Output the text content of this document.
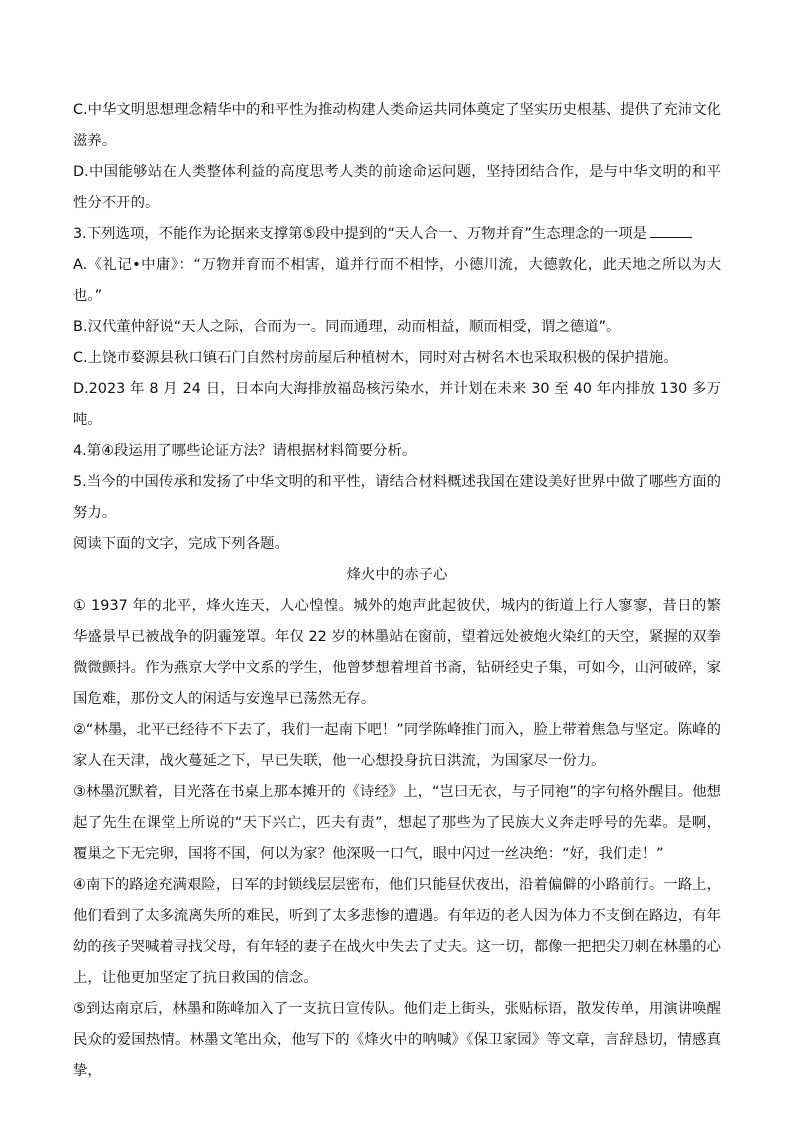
C.中华文明思想理念精华中的和平性为推动构建人类命运共同体奠定了坚实历史根基、提供了充沛文化滋养。

D.中国能够站在人类整体利益的高度思考人类的前途命运问题，坚持团结合作，是与中华文明的和平性分不开的。

3.下列选项，不能作为论据来支撑第⑤段中提到的“天人合一、万物并育”生态理念的一项是

A.《礼记•中庸》：“万物并育而不相害，道并行而不相悖，小德川流，大德敦化，此天地之所以为大也。”

B.汉代董仲舒说“天人之际，合而为一。同而通理，动而相益，顺而相受，谓之德道”。

C.上饶市婺源县秋口镇石门自然村房前屋后种植树木，同时对古树名木也采取积极的保护措施。

D.2023 年 8 月 24 日，日本向大海排放福岛核污染水，并计划在未来 30 至 40 年内排放 130 多万吨。

4.第④段运用了哪些论证方法？请根据材料简要分析。

5.当今的中国传承和发扬了中华文明的和平性，请结合材料概述我国在建设美好世界中做了哪些方面的努力。

阅读下面的文字，完成下列各题。

烽火中的赤子心

① 1937 年的北平，烽火连天，人心惶惶。城外的炮声此起彼伏，城内的街道上行人寥寥，昔日的繁华盛景早已被战争的阴霾笼罩。年仅 22 岁的林墨站在窗前，望着远处被炮火染红的天空，紧握的双拳微微颤抖。作为燕京大学中文系的学生，他曾梦想着埋首书斋，钻研经史子集，可如今，山河破碎，家国危难，那份文人的闲适与安逸早已荡然无存。

②“林墨，北平已经待不下去了，我们一起南下吧！”同学陈峰推门而入，脸上带着焦急与坚定。陈峰的家人在天津，战火蔓延之下，早已失联，他一心想投身抗日洪流，为国家尽一份力。

③林墨沉默着，目光落在书桌上那本摊开的《诗经》上，“岂曰无衣，与子同袍”的字句格外醒目。他想起了先生在课堂上所说的“天下兴亡，匹夫有责”，想起了那些为了民族大义奔走呼号的先辈。是啊，覆巢之下无完卵，国将不国，何以为家？他深吸一口气，眼中闪过一丝决绝：“好，我们走！”

④南下的路途充满艰险，日军的封锁线层层密布，他们只能昼伏夜出，沿着偏僻的小路前行。一路上，他们看到了太多流离失所的难民，听到了太多悲惨的遭遇。有年迈的老人因为体力不支倒在路边，有年幼的孩子哭喊着寻找父母，有年轻的妻子在战火中失去了丈夫。这一切，都像一把把尖刀刺在林墨的心上，让他更加坚定了抗日救国的信念。

⑤到达南京后，林墨和陈峰加入了一支抗日宣传队。他们走上街头，张贴标语，散发传单，用演讲唤醒民众的爱国热情。林墨文笔出众，他写下的《烽火中的呐喊》《保卫家园》等文章，言辞恳切，情感真挚，
